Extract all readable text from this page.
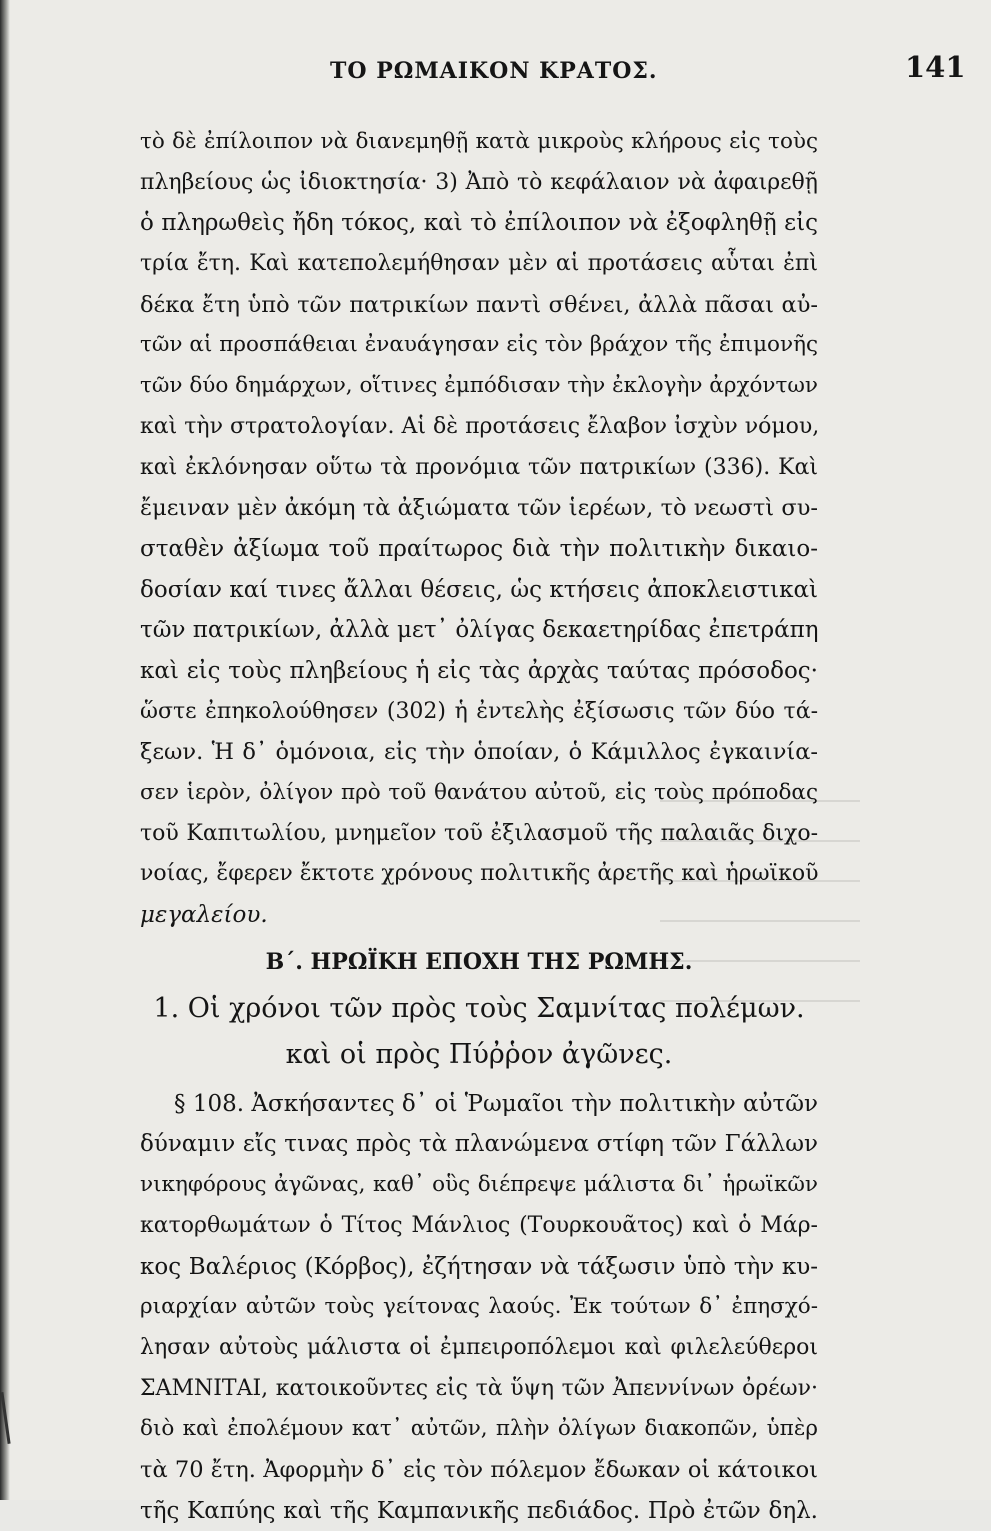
ΤΟ ΡΩΜΑΙΚΟΝ ΚΡΑΤΟΣ.	141
τὸ δὲ ἐπίλοιπον νὰ διανεμηθῇ κατὰ μικροὺς κλήρους εἰς τοὺς
πληβείους ὡς ἰδιοκτησία· 3) Ἀπὸ τὸ κεφάλαιον νὰ ἀφαιρεθῇ
ὁ πληρωθεὶς ἤδη τόκος, καὶ τὸ ἐπίλοιπον νὰ ἐξοφληθῇ εἰς
τρία ἔτη. Καὶ κατεπολεμήθησαν μὲν αἱ προτάσεις αὗται ἐπὶ
δέκα ἔτη ὑπὸ τῶν πατρικίων παντὶ σθένει, ἀλλὰ πᾶσαι αὐ-
τῶν αἱ προσπάθειαι ἐναυάγησαν εἰς τὸν βράχον τῆς ἐπιμονῆς
τῶν δύο δημάρχων, οἵτινες ἐμπόδισαν τὴν ἐκλογὴν ἀρχόντων
καὶ τὴν στρατολογίαν. Αἱ δὲ προτάσεις ἔλαβον ἰσχὺν νόμου,
καὶ ἐκλόνησαν οὕτω τὰ προνόμια τῶν πατρικίων (336). Καὶ
ἔμειναν μὲν ἀκόμη τὰ ἀξιώματα τῶν ἱερέων, τὸ νεωστὶ συ-
σταθὲν ἀξίωμα τοῦ πραίτωρος διὰ τὴν πολιτικὴν δικαιο-
δοσίαν καί τινες ἄλλαι θέσεις, ὡς κτήσεις ἀποκλειστικαὶ
τῶν πατρικίων, ἀλλὰ μετ᾽ ὀλίγας δεκαετηρίδας ἐπετράπη
καὶ εἰς τοὺς πληβείους ἡ εἰς τὰς ἀρχὰς ταύτας πρόσοδος·
ὥστε ἐπηκολούθησεν (302) ἡ ἐντελὴς ἐξίσωσις τῶν δύο τά-
ξεων. Ἡ δ᾽ ὁμόνοια, εἰς τὴν ὁποίαν, ὁ Κάμιλλος ἐγκαινία-
σεν ἱερὸν, ὀλίγον πρὸ τοῦ θανάτου αὐτοῦ, εἰς τοὺς πρόποδας
τοῦ Καπιτωλίου, μνημεῖον τοῦ ἐξιλασμοῦ τῆς παλαιᾶς διχο-
νοίας, ἔφερεν ἔκτοτε χρόνους πολιτικῆς ἀρετῆς καὶ ἡρωϊκοῦ
μεγαλείου.
Β΄. ΗΡΩΪΚΗ ΕΠΟΧΗ ΤΗΣ ΡΩΜΗΣ.
1. Οἱ χρόνοι τῶν πρὸς τοὺς Σαμνίτας πολέμων.
καὶ οἱ πρὸς Πύῤῥον ἀγῶνες.
§ 108. Ἀσκήσαντες δ᾽ οἱ Ῥωμαῖοι τὴν πολιτικὴν αὐτῶν
δύναμιν εἴς τινας πρὸς τὰ πλανώμενα στίφη τῶν Γάλλων
νικηφόρους ἀγῶνας, καθ᾽ οὓς διέπρεψε μάλιστα δι᾽ ἡρωϊκῶν
κατορθωμάτων ὁ Τίτος Μάνλιος (Τουρκουᾶτος) καὶ ὁ Μάρ-
κος Βαλέριος (Κόρβος), ἐζήτησαν νὰ τάξωσιν ὑπὸ τὴν κυ-
ριαρχίαν αὐτῶν τοὺς γείτονας λαούς. Ἐκ τούτων δ᾽ ἐπησχό-
λησαν αὐτοὺς μάλιστα οἱ ἐμπειροπόλεμοι καὶ φιλελεύθεροι
ΣΑΜΝΙΤΑΙ, κατοικοῦντες εἰς τὰ ὕψη τῶν Ἀπεννίνων ὀρέων·
διὸ καὶ ἐπολέμουν κατ᾽ αὐτῶν, πλὴν ὀλίγων διακοπῶν, ὑπὲρ
τὰ 70 ἔτη. Ἀφορμὴν δ᾽ εἰς τὸν πόλεμον ἔδωκαν οἱ κάτοικοι
τῆς Καπύης καὶ τῆς Καμπανικῆς πεδιάδος. Πρὸ ἐτῶν δηλ.
